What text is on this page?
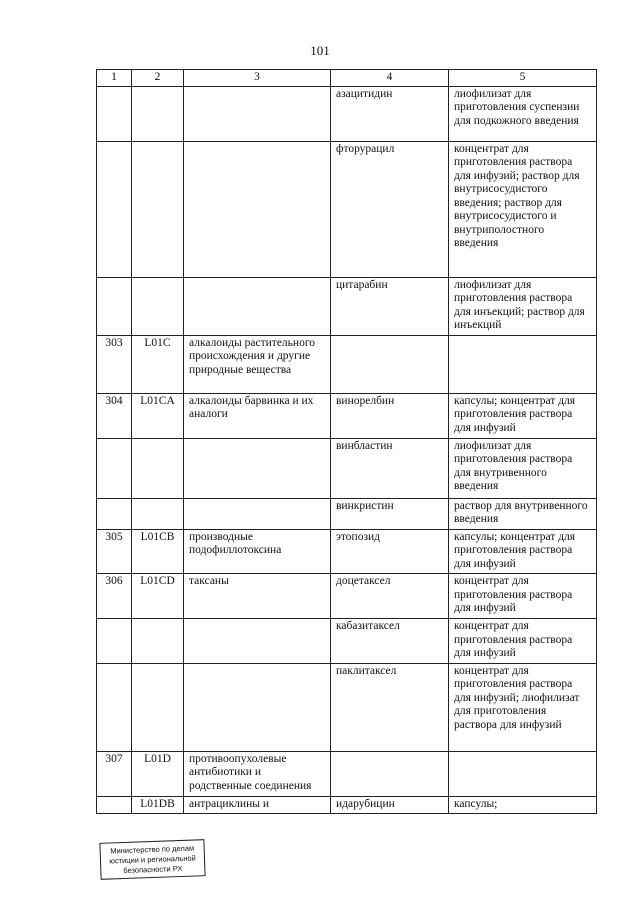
101
1	2	3	4	5
			азацитидин	лиофилизат для приготовления суспензии для подкожного введения
			фторурацил	концентрат для приготовления раствора для инфузий; раствор для внутрисосудистого введения; раствор для внутрисосудистого и внутриполостного введения
			цитарабин	лиофилизат для приготовления раствора для инъекций; раствор для инъекций
303	L01C	алкалоиды растительного происхождения и другие природные вещества		
304	L01CA	алкалоиды барвинка и их аналоги	винорелбин	капсулы; концентрат для приготовления раствора для инфузий
			винбластин	лиофилизат для приготовления раствора для внутривенного введения
			винкристин	раствор для внутривенного введения
305	L01CB	производные подофиллотоксина	этопозид	капсулы; концентрат для приготовления раствора для инфузий
306	L01CD	таксаны	доцетаксел	концентрат для приготовления раствора для инфузий
			кабазитаксел	концентрат для приготовления раствора для инфузий
			паклитаксел	концентрат для приготовления раствора для инфузий; лиофилизат для приготовления раствора для инфузий
307	L01D	противоопухолевые антибиотики и родственные соединения		
	L01DB	антрациклины и	идарубицин	капсулы;
Министерство по делам юстиции и региональной безопасности РХ
